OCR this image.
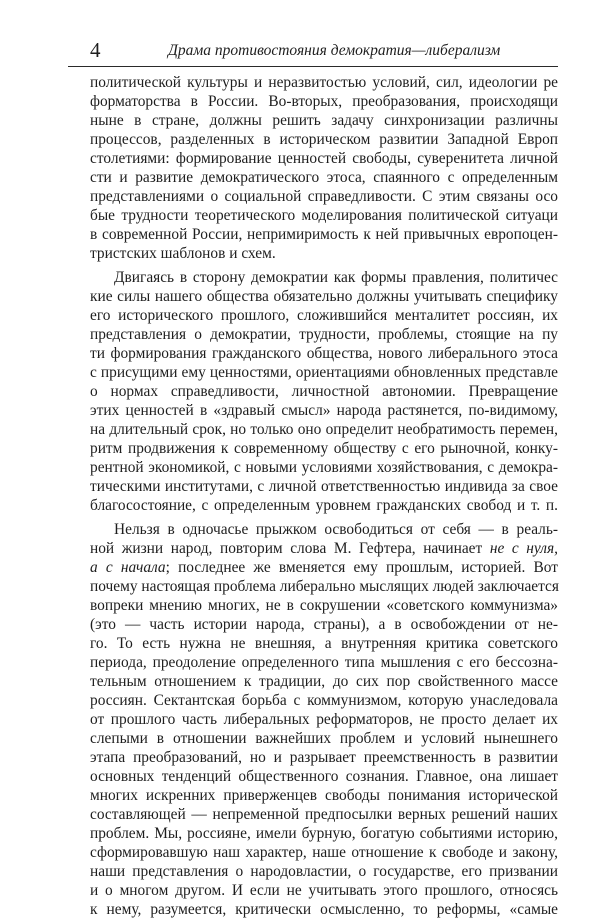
4	Драма противостояния демократия—либерализм
политической культуры и неразвитостью условий, сил, идеологии ре
форматорства в России. Во-вторых, преобразования, происходящи
ныне в стране, должны решить задачу синхронизации различны
процессов, разделенных в историческом развитии Западной Европ
столетиями: формирование ценностей свободы, суверенитета личной
сти и развитие демократического этоса, спаянного с определенным
представлениями о социальной справедливости. С этим связаны осо
бые трудности теоретического моделирования политической ситуаци
в современной России, непримиримость к ней привычных европоцен-
тристских шаблонов и схем.
Двигаясь в сторону демократии как формы правления, политичес
кие силы нашего общества обязательно должны учитывать специфику
его исторического прошлого, сложившийся менталитет россиян, их
представления о демократии, трудности, проблемы, стоящие на пу
ти формирования гражданского общества, нового либерального этоса
с присущими ему ценностями, ориентациями обновленных представле
о нормах справедливости, личностной автономии. Превращение
этих ценностей в «здравый смысл» народа растянется, по-видимому,
на длительный срок, но только оно определит необратимость перемен,
ритм продвижения к современному обществу с его рыночной, конку-
рентной экономикой, с новыми условиями хозяйствования, с демокра-
тическими институтами, с личной ответственностью индивида за свое
благосостояние, с определенным уровнем гражданских свобод и т. п.
Нельзя в одночасье прыжком освободиться от себя — в реаль-
ной жизни народ, повторим слова М. Гефтера, начинает не с нуля,
а с начала; последнее же вменяется ему прошлым, историей. Вот
почему настоящая проблема либерально мыслящих людей заключается
вопреки мнению многих, не в сокрушении «советского коммунизма»
(это — часть истории народа, страны), а в освобождении от не-
го. То есть нужна не внешняя, а внутренняя критика советского
периода, преодоление определенного типа мышления с его бессозна-
тельным отношением к традиции, до сих пор свойственного массе
россиян. Сектантская борьба с коммунизмом, которую унаследовала
от прошлого часть либеральных реформаторов, не просто делает их
слепыми в отношении важнейших проблем и условий нынешнего
этапа преобразований, но и разрывает преемственность в развитии
основных тенденций общественного сознания. Главное, она лишает
многих искренних приверженцев свободы понимания исторической
составляющей — непременной предпосылки верных решений наших
проблем. Мы, россияне, имели бурную, богатую событиями историю,
сформировавшую наш характер, наше отношение к свободе и закону,
наши представления о народовластии, о государстве, его призвании
и о многом другом. И если не учитывать этого прошлого, относясь
к нему, разумеется, критически осмысленно, то реформы, «самые
